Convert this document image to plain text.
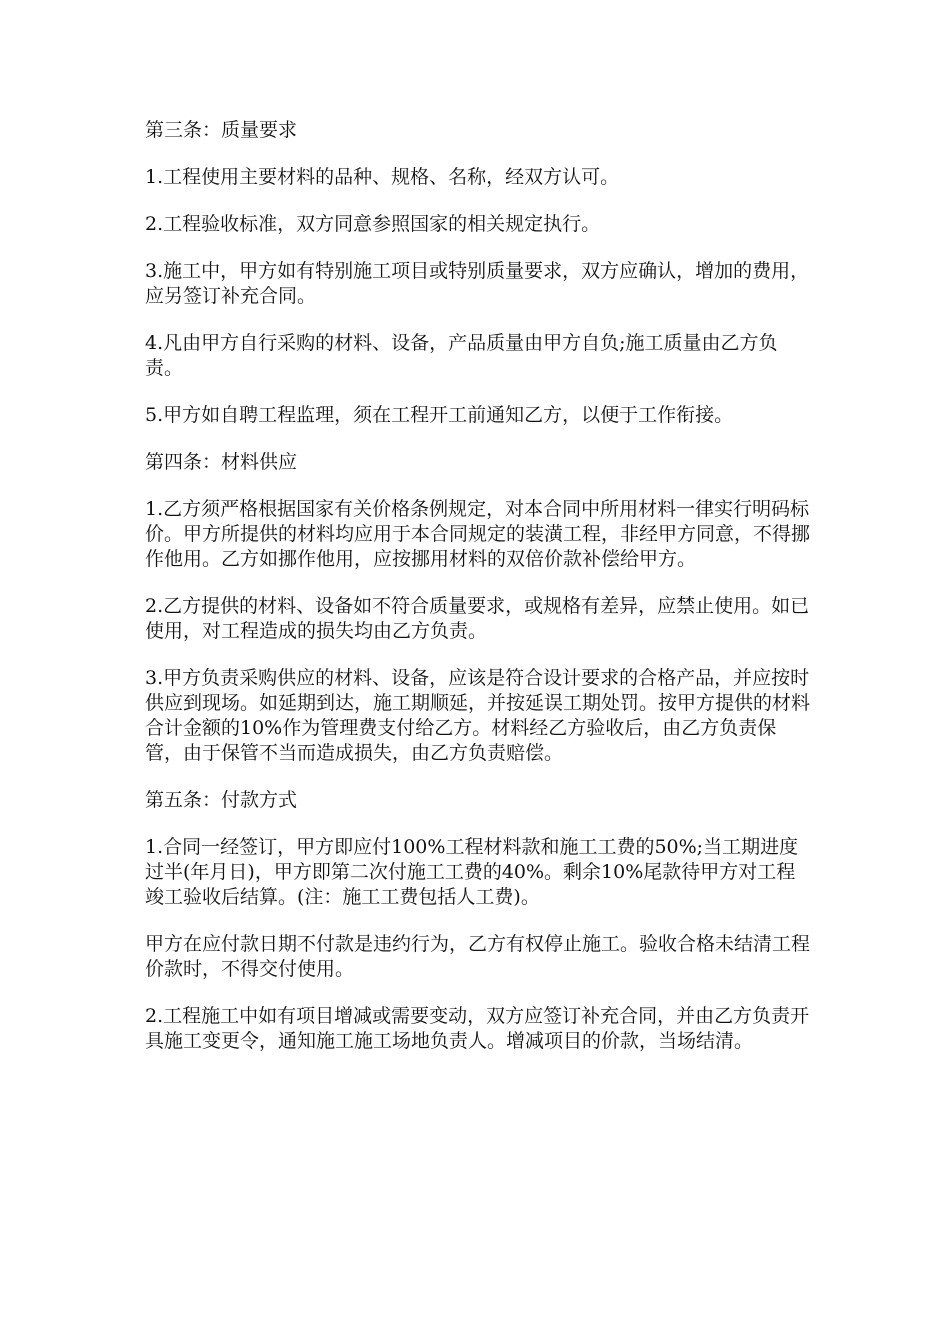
第三条：质量要求

1.工程使用主要材料的品种、规格、名称，经双方认可。

2.工程验收标准，双方同意参照国家的相关规定执行。

3.施工中，甲方如有特别施工项目或特别质量要求，双方应确认，增加的费用，应另签订补充合同。

4.凡由甲方自行采购的材料、设备，产品质量由甲方自负;施工质量由乙方负责。

5.甲方如自聘工程监理，须在工程开工前通知乙方，以便于工作衔接。

第四条：材料供应

1.乙方须严格根据国家有关价格条例规定，对本合同中所用材料一律实行明码标价。甲方所提供的材料均应用于本合同规定的装潢工程，非经甲方同意，不得挪作他用。乙方如挪作他用，应按挪用材料的双倍价款补偿给甲方。

2.乙方提供的材料、设备如不符合质量要求，或规格有差异，应禁止使用。如已使用，对工程造成的损失均由乙方负责。

3.甲方负责采购供应的材料、设备，应该是符合设计要求的合格产品，并应按时供应到现场。如延期到达，施工期顺延，并按延误工期处罚。按甲方提供的材料合计金额的10%作为管理费支付给乙方。材料经乙方验收后，由乙方负责保管，由于保管不当而造成损失，由乙方负责赔偿。

第五条：付款方式

1.合同一经签订，甲方即应付100%工程材料款和施工工费的50%;当工期进度过半(年月日)，甲方即第二次付施工工费的40%。剩余10%尾款待甲方对工程竣工验收后结算。(注：施工工费包括人工费)。

甲方在应付款日期不付款是违约行为，乙方有权停止施工。验收合格未结清工程价款时，不得交付使用。

2.工程施工中如有项目增减或需要变动，双方应签订补充合同，并由乙方负责开具施工变更令，通知施工施工场地负责人。增减项目的价款，当场结清。
